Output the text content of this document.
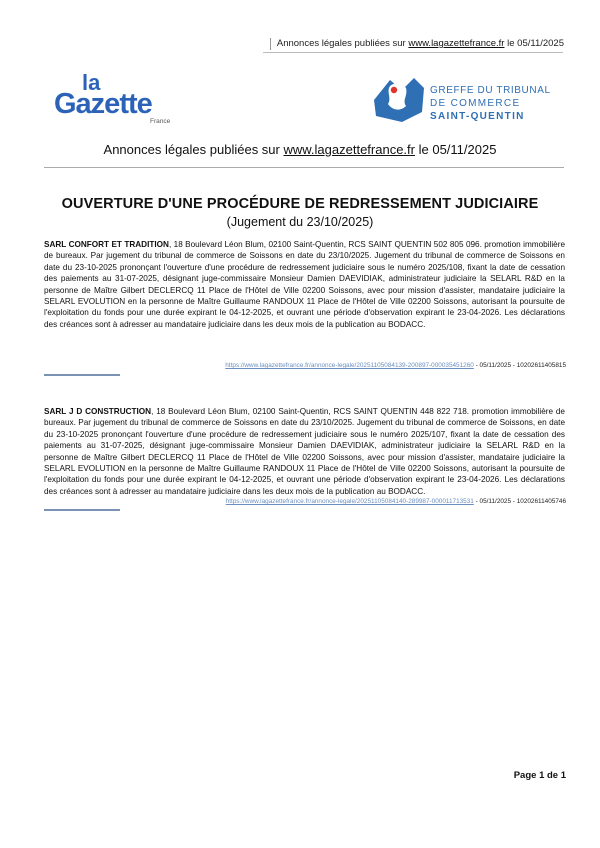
Annonces légales publiées sur www.lagazettefrance.fr le 05/11/2025
la
Gazette
France
GREFFE DU TRIBUNAL
DE COMMERCE
SAINT-QUENTIN
Annonces légales publiées sur www.lagazettefrance.fr le 05/11/2025
OUVERTURE D'UNE PROCÉDURE DE REDRESSEMENT JUDICIAIRE
(Jugement du 23/10/2025)
SARL CONFORT ET TRADITION, 18 Boulevard Léon Blum, 02100 Saint-Quentin, RCS SAINT QUENTIN 502 805 096. promotion immobilière de bureaux. Par jugement du tribunal de commerce de Soissons en date du 23/10/2025. Jugement du tribunal de commerce de Soissons en date du 23-10-2025 prononçant l'ouverture d'une procédure de redressement judiciaire sous le numéro 2025/108, fixant la date de cessation des paiements au 31-07-2025, désignant juge-commissaire Monsieur Damien DAEVIDIAK, administrateur judiciaire la SELARL R&D en la personne de Maître Gilbert DECLERCQ 11 Place de l'Hôtel de Ville 02200 Soissons, avec pour mission d'assister, mandataire judiciaire la SELARL EVOLUTION en la personne de Maître Guillaume RANDOUX 11 Place de l'Hôtel de Ville 02200 Soissons, autorisant la poursuite de l'exploitation du fonds pour une durée expirant le 04-12-2025, et ouvrant une période d'observation expirant le 23-04-2026. Les déclarations des créances sont à adresser au mandataire judiciaire dans les deux mois de la publication au BODACC.
https://www.lagazettefrance.fr/annonce-legale/20251105084139-200897-000035451260 - 05/11/2025 - 10202611405815
SARL J D CONSTRUCTION, 18 Boulevard Léon Blum, 02100 Saint-Quentin, RCS SAINT QUENTIN 448 822 718. promotion immobilière de bureaux. Par jugement du tribunal de commerce de Soissons en date du 23/10/2025. Jugement du tribunal de commerce de Soissons, en date du 23-10-2025 prononçant l'ouverture d'une procédure de redressement judiciaire sous le numéro 2025/107, fixant la date de cessation des paiements au 31-07-2025, désignant juge-commissaire Monsieur Damien DAEVIDIAK, administrateur judiciaire la SELARL R&D en la personne de Maître Gilbert DECLERCQ 11 Place de l'Hôtel de Ville 02200 Soissons, avec pour mission d'assister, mandataire judiciaire la SELARL EVOLUTION en la personne de Maître Guillaume RANDOUX 11 Place de l'Hôtel de Ville 02200 Soissons, autorisant la poursuite de l'exploitation du fonds pour une durée expirant le 04-12-2025, et ouvrant une période d'observation expirant le 23-04-2026. Les déclarations des créances sont à adresser au mandataire judiciaire dans les deux mois de la publication au BODACC.
https://www.lagazettefrance.fr/annonce-legale/20251105084140-289987-000011713531 - 05/11/2025 - 10202611405746
Page 1 de 1
